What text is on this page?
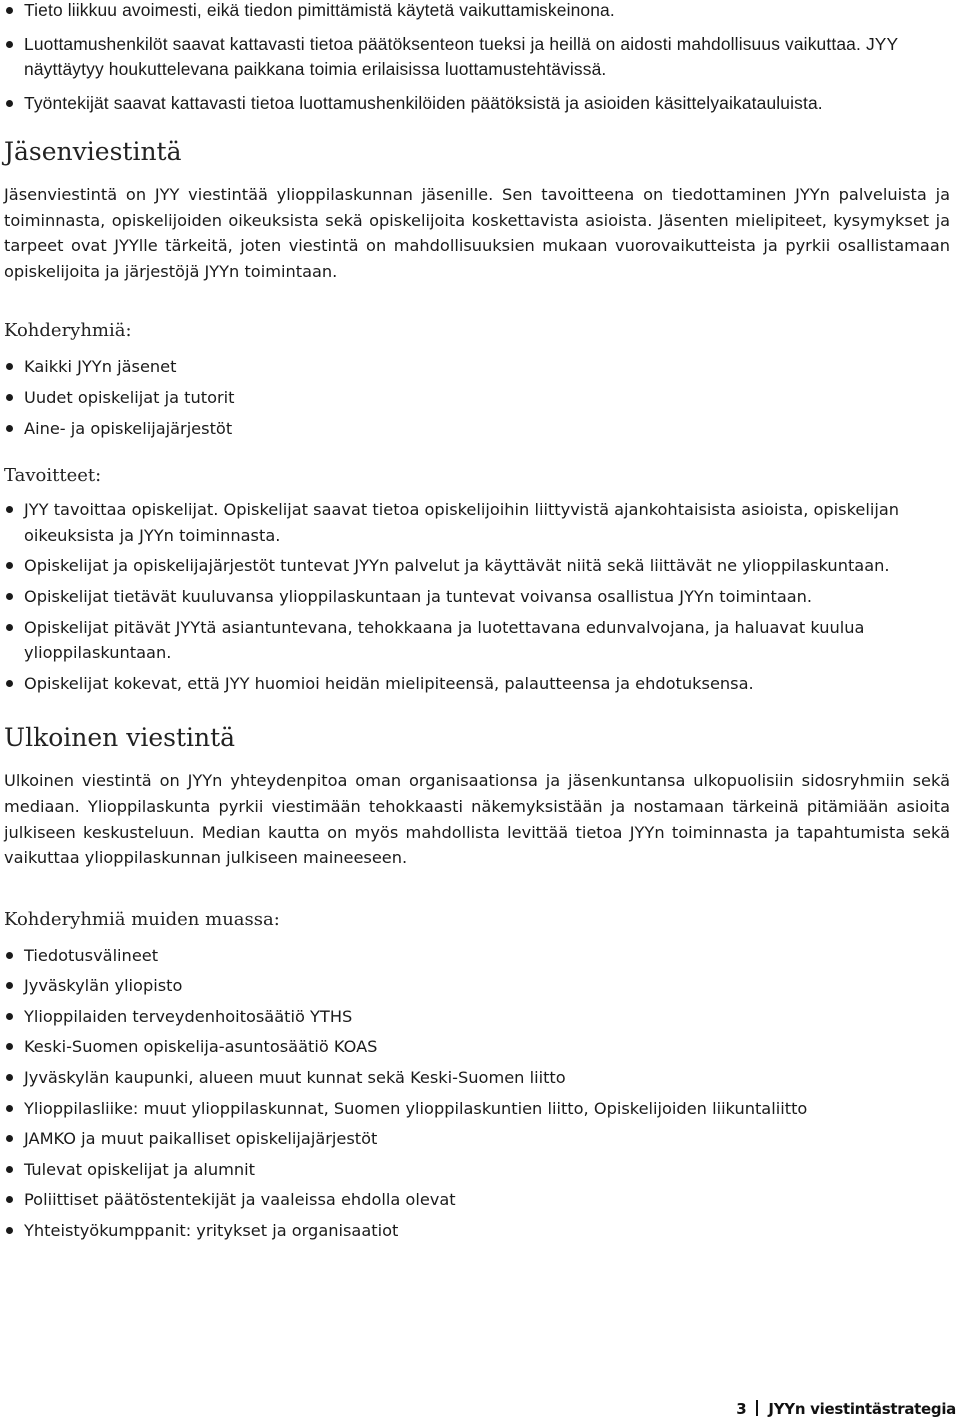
Tieto liikkuu avoimesti, eikä tiedon pimittämistä käytetä vaikuttamiskeinona.
Luottamushenkilöt saavat kattavasti tietoa päätöksenteon tueksi ja heillä on aidosti mahdollisuus vaikuttaa. JYY näyttäytyy houkuttelevana paikkana toimia erilaisissa luottamustehtävissä.
Työntekijät saavat kattavasti tietoa luottamushenkilöiden päätöksistä ja asioiden käsittelyaikatauluista.
Jäsenviestintä

Jäsenviestintä on JYY viestintää ylioppilaskunnan jäsenille. Sen tavoitteena on tiedottaminen JYYn palveluista ja toiminnasta, opiskelijoiden oikeuksista sekä opiskelijoita koskettavista asioista. Jäsenten mielipiteet, kysymykset ja tarpeet ovat JYYlle tärkeitä, joten viestintä on mahdollisuuksien mukaan vuorovaikutteista ja pyrkii osallistamaan opiskelijoita ja järjestöjä JYYn toimintaan.

Kohderyhmiä:
Kaikki JYYn jäsenet
Uudet opiskelijat ja tutorit
Aine- ja opiskelijajärjestöt
Tavoitteet:
JYY tavoittaa opiskelijat. Opiskelijat saavat tietoa opiskelijoihin liittyvistä ajankohtaisista asioista, opiskelijan oikeuksista ja JYYn toiminnasta.
Opiskelijat ja opiskelijajärjestöt tuntevat JYYn palvelut ja käyttävät niitä sekä liittävät ne ylioppilaskuntaan.
Opiskelijat tietävät kuuluvansa ylioppilaskuntaan ja tuntevat voivansa osallistua JYYn toimintaan.
Opiskelijat pitävät JYYtä asiantuntevana, tehokkaana ja luotettavana edunvalvojana, ja haluavat kuulua ylioppilaskuntaan.
Opiskelijat kokevat, että JYY huomioi heidän mielipiteensä, palautteensa ja ehdotuksensa.
Ulkoinen viestintä

Ulkoinen viestintä on JYYn yhteydenpitoa oman organisaationsa ja jäsenkuntansa ulkopuolisiin sidosryhmiin sekä mediaan. Ylioppilaskunta pyrkii viestimään tehokkaasti näkemyksistään ja nostamaan tärkeinä pitämiään asioita julkiseen keskusteluun. Median kautta on myös mahdollista levittää tietoa JYYn toiminnasta ja tapahtumista sekä vaikuttaa ylioppilaskunnan julkiseen maineeseen.

Kohderyhmiä muiden muassa:
Tiedotusvälineet
Jyväskylän yliopisto
Ylioppilaiden terveydenhoitosäätiö YTHS
Keski-Suomen opiskelija-asuntosäätiö KOAS
Jyväskylän kaupunki, alueen muut kunnat sekä Keski-Suomen liitto
Ylioppilasliike: muut ylioppilaskunnat, Suomen ylioppilaskuntien liitto, Opiskelijoiden liikuntaliitto
JAMKO ja muut paikalliset opiskelijajärjestöt
Tulevat opiskelijat ja alumnit
Poliittiset päätöstentekijät ja vaaleissa ehdolla olevat
Yhteistyökumppanit: yritykset ja organisaatiot
3 JYYn viestintästrategia
